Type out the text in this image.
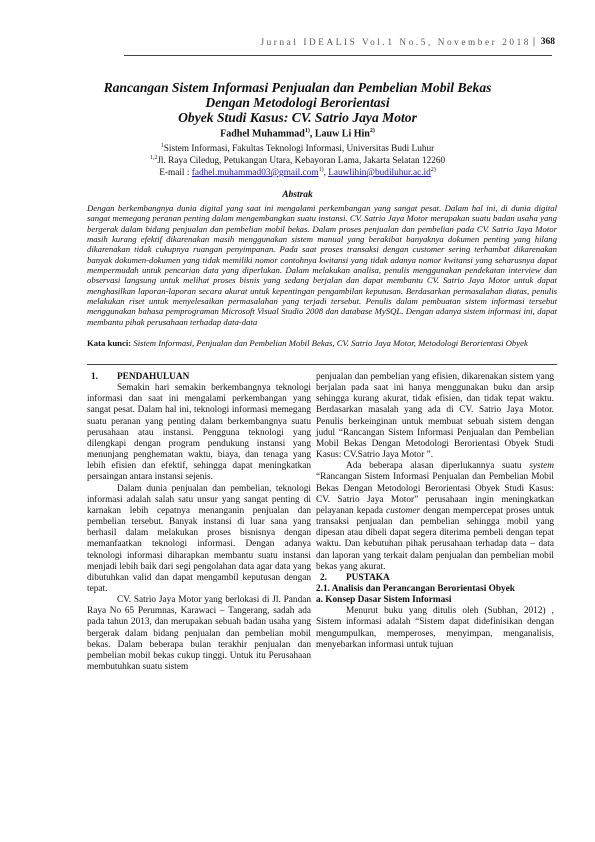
Jurnal IDEALIS Vol.1 No.5, November 2018 | 368
Rancangan Sistem Informasi Penjualan dan Pembelian Mobil Bekas
Dengan Metodologi Berorientasi
Obyek Studi Kasus: CV. Satrio Jaya Motor
Fadhel Muhammad$^{1)}$, Lauw Li Hin$^{2)}$
$^1$Sistem Informasi, Fakultas Teknologi Informasi, Universitas Budi Luhur
$^{1,2}$Jl. Raya Ciledug, Petukangan Utara, Kebayoran Lama, Jakarta Selatan 12260
E-mail : fadhel.muhammad03@gmail.com$^{1)}$, $Lauwlihin@budiluhur.ac.id^{2)}$
Abstrak
Dengan berkembangnya dunia digital yang saat ini mengalami perkembangan yang sangat pesat. Dalam hal ini, di dunia digital sangat memegang peranan penting dalam mengembangkan suatu instansi. CV. Satrio Jaya Motor merupakan suatu badan usaha yang bergerak dalam bidang penjualan dan pembelian mobil bekas. Dalam proses penjualan dan pembelian pada CV. Satrio Jaya Motor masih kurang efektif dikarenakan masih menggunakan sistem manual yang berakibat banyaknya dokumen penting yang hilang dikarenakan tidak cukupnya ruangan penyimpanan. Pada saat proses transaksi dengan customer sering terhambat dikarenakan banyak dokumen-dokumen yang tidak memiliki nomor contohnya kwitansi yang tidak adanya nomor kwitansi yang seharusnya dapat mempermudah untuk pencarian data yang diperlukan. Dalam melakukan analisa, penulis menggunakan pendekatan interview dan observasi langsung untuk melihat proses bisnis yang sedang berjalan dan dapat membantu CV. Satrio Jaya Motor untuk dapat menghasilkan laporan-laporan secara akurat untuk kepentingan pengambilan keputusan. Berdasarkan permasalahan diatas, penulis melakukan riset untuk menyelesaikan permasalahan yang terjadi tersebut. Penulis dalam pembuatan sistem informasi tersebut menggunakan bahasa pemprograman Microsoft Visual Studio 2008 dan database MySQL. Dengan adanya sistem informasi ini, dapat membantu pihak perusahaan terhadap data-data
Kata kunci: Sistem Informasi, Penjualan dan Pembelian Mobil Bekas, CV. Satrio Jaya Motor, Metodologi Berorientasi Obyek

1. PENDAHULUAN

Semakin hari semakin berkembangnya teknologi informasi dan saat ini mengalami perkembangan yang sangat pesat. Dalam hal ini, teknologi informasi memegang suatu peranan yang penting dalam berkembangnya suatu perusahaan atau instansi. Pengguna teknologi yang dilengkapi dengan program pendukung instansi yang menunjang penghematan waktu, biaya, dan tenaga yang lebih efisien dan efektif, sehingga dapat meningkatkan persaingan antara instansi sejenis.

Dalam dunia penjualan dan pembelian, teknologi informasi adalah salah satu unsur yang sangat penting di karnakan lebih cepatnya menanganin penjualan dan pembelian tersebut. Banyak instansi di luar sana yang berhasil dalam melakukan proses bisnisnya dengan memanfaatkan teknologi informasi. Dengan adanya teknologi informasi diharapkan membantu suatu instansi menjadi lebih baik dari segi pengolahan data agar data yang dibutuhkan valid dan dapat mengambil keputusan dengan tepat.

CV. Satrio Jaya Motor yang berlokasi di Jl. Pandan Raya No 65 Perumnas, Karawaci – Tangerang, sadah ada pada tahun 2013, dan merupakan sebuah badan usaha yang bergerak dalam bidang penjualan dan pembelian mobil bekas. Dalam beberapa bulan terakhir penjualan dan pembelian mobil bekas cukup tinggi. Untuk itu Perusahaan membutuhkan suatu sistem

penjualan dan pembelian yang efisien, dikarenakan sistem yang berjalan pada saat ini hanya menggunakan buku dan arsip sehingga kurang akurat, tidak efisien, dan tidak tepat waktu. Berdasarkan masalah yang ada di CV. Satrio Jaya Motor. Penulis berkeinginan untuk membuat sebuah sistem dengan judul “Rancangan Sistem Informasi Penjualan dan Pembelian Mobil Bekas Dengan Metodologi Berorientasi Obyek Studi Kasus: CV.Satrio Jaya Motor ”.

Ada beberapa alasan diperlukannya suatu system “Rancangan Sistem Informasi Penjualan dan Pembelian Mobil Bekas Dengan Metodologi Berorientasi Obyek Studi Kasus: CV. Satrio Jaya Motor” perusahaan ingin meningkatkan pelayanan kepada customer dengan mempercepat proses untuk transaksi penjualan dan pembelian sehingga mobil yang dipesan atau dibeli dapat segera diterima pembeli dengan tepat waktu. Dan kebutuhan pihak perusahaan terhadap data – data dan laporan yang terkait dalam penjualan dan pembelian mobil bekas yang akurat.

2. PUSTAKA

2.1. Analisis dan Perancangan Berorientasi Obyek

a. Konsep Dasar Sistem Informasi

Menurut buku yang ditulis oleh (Subhan, 2012) , Sistem informasi adalah “Sistem dapat didefinisikan dengan mengumpulkan, memperoses, menyimpan, menganalisis, menyebarkan informasi untuk tujuan
